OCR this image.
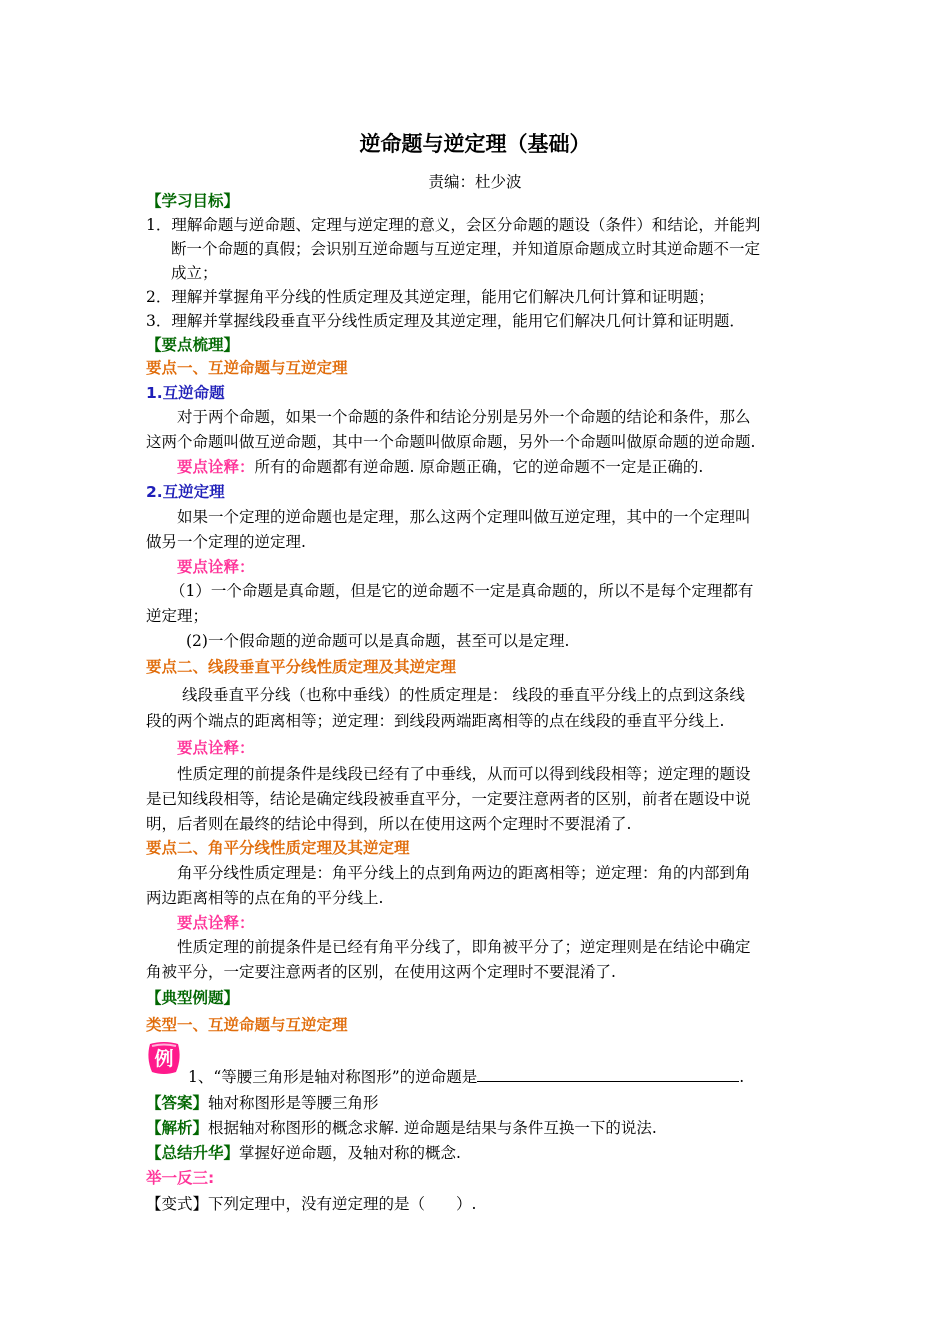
逆命题与逆定理（基础）
责编：杜少波
【学习目标】
1．理解命题与逆命题、定理与逆定理的意义，会区分命题的题设（条件）和结论，并能判
断一个命题的真假；会识别互逆命题与互逆定理，并知道原命题成立时其逆命题不一定
成立；
2．理解并掌握角平分线的性质定理及其逆定理，能用它们解决几何计算和证明题；
3．理解并掌握线段垂直平分线性质定理及其逆定理，能用它们解决几何计算和证明题．
【要点梳理】
要点一、互逆命题与互逆定理
1.互逆命题
对于两个命题，如果一个命题的条件和结论分别是另外一个命题的结论和条件，那么
这两个命题叫做互逆命题，其中一个命题叫做原命题，另外一个命题叫做原命题的逆命题.
要点诠释：所有的命题都有逆命题. 原命题正确，它的逆命题不一定是正确的.
2.互逆定理
如果一个定理的逆命题也是定理，那么这两个定理叫做互逆定理，其中的一个定理叫
做另一个定理的逆定理.
要点诠释：
（1）一个命题是真命题，但是它的逆命题不一定是真命题的，所以不是每个定理都有
逆定理；
(2)一个假命题的逆命题可以是真命题，甚至可以是定理.
要点二、线段垂直平分线性质定理及其逆定理
线段垂直平分线（也称中垂线）的性质定理是： 线段的垂直平分线上的点到这条线
段的两个端点的距离相等；逆定理：到线段两端距离相等的点在线段的垂直平分线上.
要点诠释：
性质定理的前提条件是线段已经有了中垂线，从而可以得到线段相等；逆定理的题设
是已知线段相等，结论是确定线段被垂直平分，一定要注意两者的区别，前者在题设中说
明，后者则在最终的结论中得到，所以在使用这两个定理时不要混淆了.
要点二、角平分线性质定理及其逆定理
角平分线性质定理是：角平分线上的点到角两边的距离相等；逆定理：角的内部到角
两边距离相等的点在角的平分线上.
要点诠释：
性质定理的前提条件是已经有角平分线了，即角被平分了；逆定理则是在结论中确定
角被平分，一定要注意两者的区别，在使用这两个定理时不要混淆了.
【典型例题】
类型一、互逆命题与互逆定理
例
1、“等腰三角形是轴对称图形”的逆命题是	.
【答案】轴对称图形是等腰三角形
【解析】根据轴对称图形的概念求解. 逆命题是结果与条件互换一下的说法.
【总结升华】掌握好逆命题，及轴对称的概念.
举一反三:
【变式】下列定理中，没有逆定理的是（　　）.
